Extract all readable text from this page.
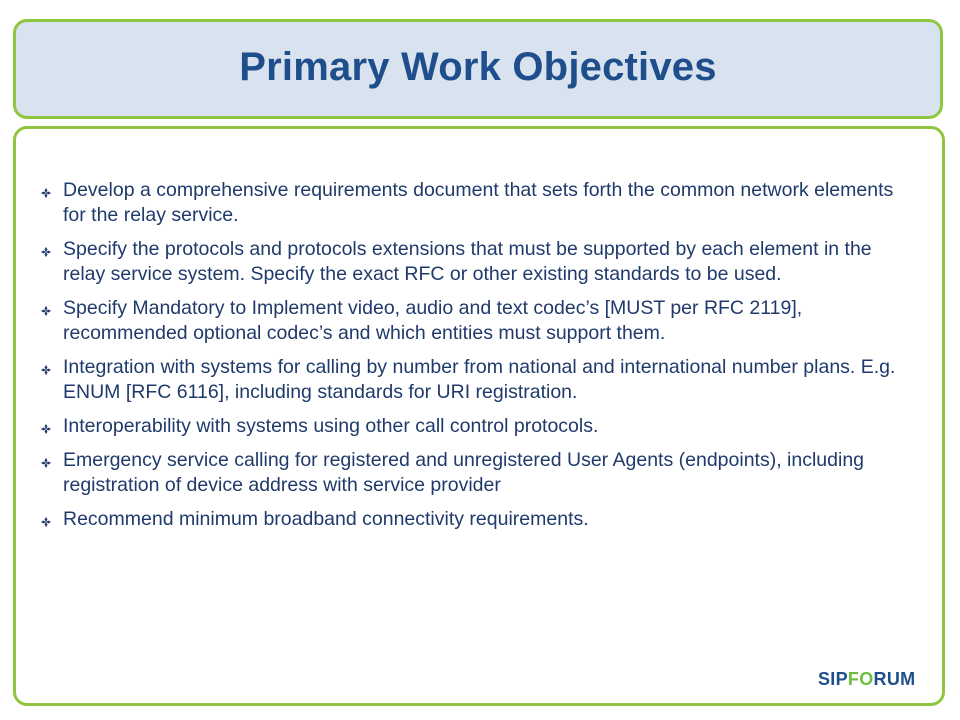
Primary Work Objectives
Develop a comprehensive requirements document that sets forth the common network elements for the relay service.
Specify the protocols and protocols extensions that must be supported by each element in the relay service system. Specify the exact RFC or other existing standards to be used.
Specify Mandatory to Implement video, audio and text codec’s [MUST per RFC 2119], recommended optional codec’s and which entities must support them.
Integration with systems for calling by number from national and international number plans. E.g. ENUM [RFC 6116], including standards for URI registration.
Interoperability with systems using other call control protocols.
Emergency service calling for registered and unregistered User Agents (endpoints), including registration of device address with service provider
Recommend minimum broadband connectivity requirements.
SIP F O RUM
